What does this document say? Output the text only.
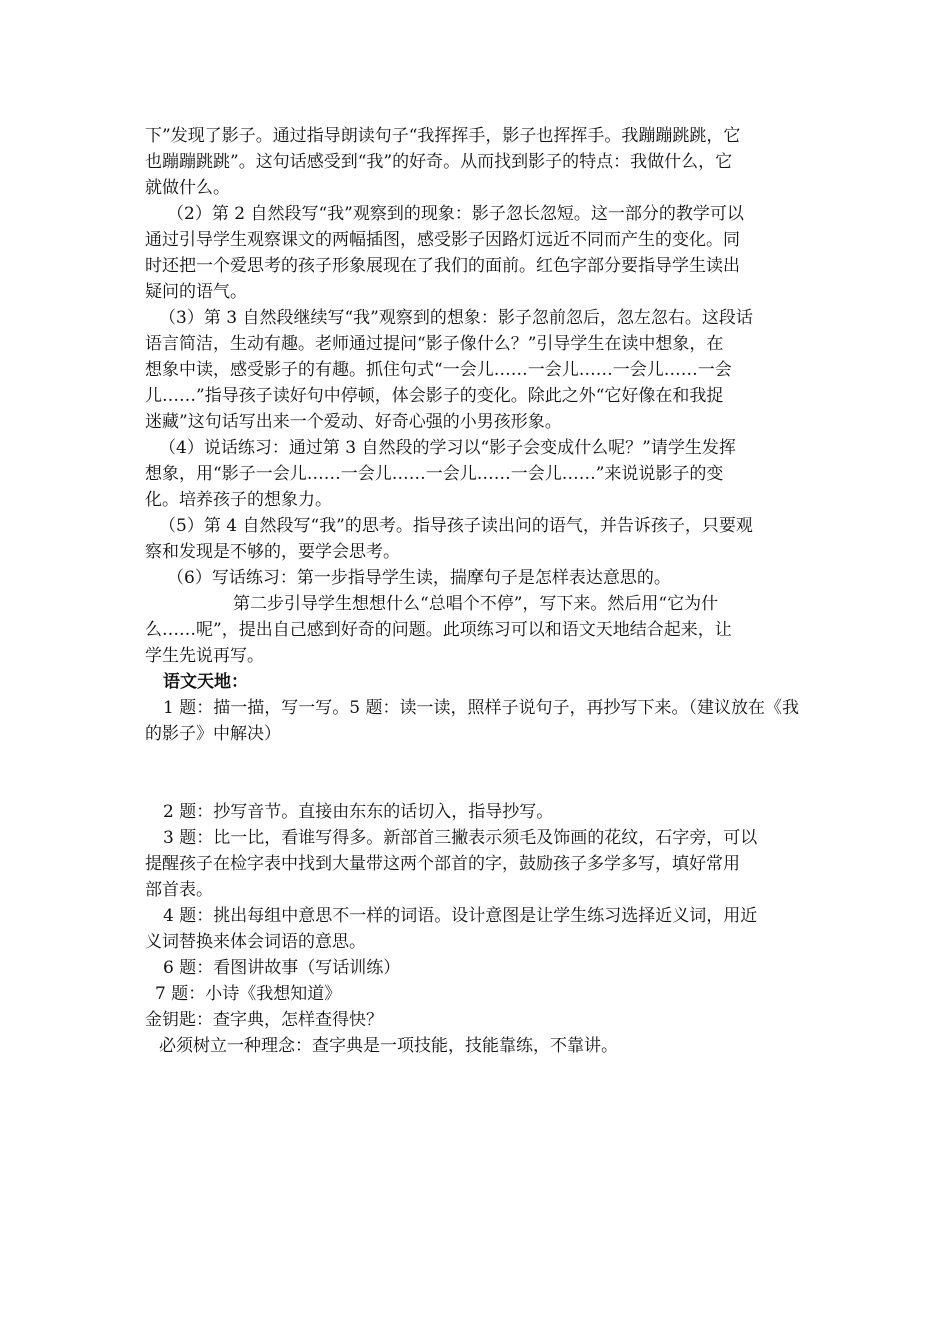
下”发现了影子。通过指导朗读句子“我挥挥手，影子也挥挥手。我蹦蹦跳跳，它
也蹦蹦跳跳”。这句话感受到“我”的好奇。从而找到影子的特点：我做什么，它
就做什么。
（2）第 2 自然段写“我”观察到的现象：影子忽长忽短。这一部分的教学可以
通过引导学生观察课文的两幅插图，感受影子因路灯远近不同而产生的变化。同
时还把一个爱思考的孩子形象展现在了我们的面前。红色字部分要指导学生读出
疑问的语气。
（3）第 3 自然段继续写“我”观察到的想象：影子忽前忽后，忽左忽右。这段话
语言简洁，生动有趣。老师通过提问“影子像什么？”引导学生在读中想象，在
想象中读，感受影子的有趣。抓住句式“一会儿……一会儿……一会儿……一会
儿……”指导孩子读好句中停顿，体会影子的变化。除此之外“它好像在和我捉
迷藏”这句话写出来一个爱动、好奇心强的小男孩形象。
（4）说话练习：通过第 3 自然段的学习以“影子会变成什么呢？”请学生发挥
想象，用“影子一会儿……一会儿……一会儿……一会儿……”来说说影子的变
化。培养孩子的想象力。
（5）第 4 自然段写“我”的思考。指导孩子读出问的语气，并告诉孩子，只要观
察和发现是不够的，要学会思考。
（6）写话练习：第一步指导学生读，揣摩句子是怎样表达意思的。
第二步引导学生想想什么“总唱个不停”，写下来。然后用“它为什
么……呢”，提出自己感到好奇的问题。此项练习可以和语文天地结合起来，让
学生先说再写。
语文天地：
1 题：描一描，写一写。5 题：读一读，照样子说句子，再抄写下来。（建议放在《我
的影子》中解决）
2 题：抄写音节。直接由东东的话切入，指导抄写。
3 题：比一比，看谁写得多。新部首三撇表示须毛及饰画的花纹，石字旁，可以
提醒孩子在检字表中找到大量带这两个部首的字，鼓励孩子多学多写，填好常用
部首表。
4 题：挑出每组中意思不一样的词语。设计意图是让学生练习选择近义词，用近
义词替换来体会词语的意思。
6 题：看图讲故事（写话训练）
7 题：小诗《我想知道》
金钥匙：查字典，怎样查得快？
必须树立一种理念：查字典是一项技能，技能靠练，不靠讲。
